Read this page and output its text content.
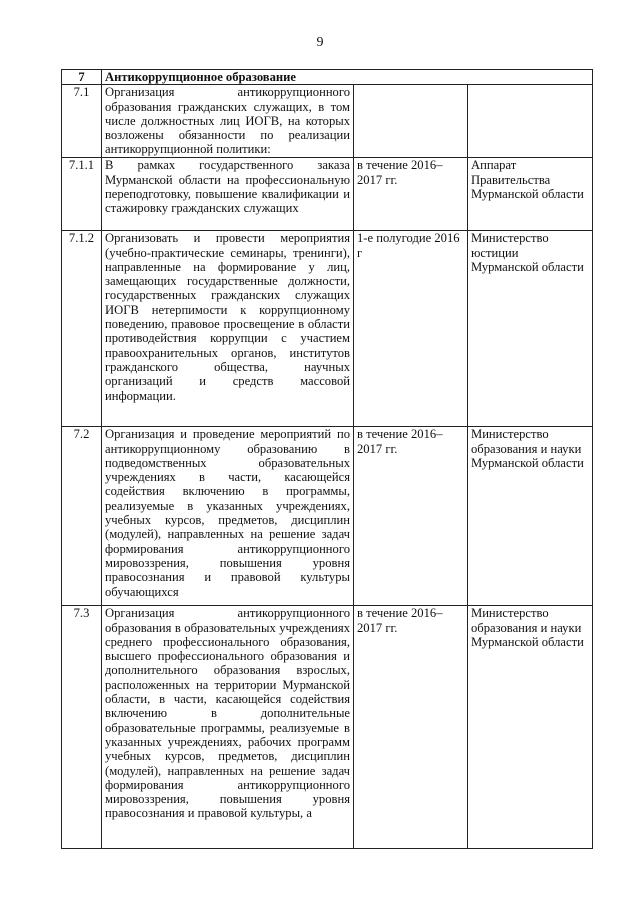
9
7	Антикоррупционное образование		
7.1	Организация антикоррупционного образования гражданских служащих, в том числе должностных лиц ИОГВ, на которых возложены обязанности по реализации антикоррупционной политики:		
7.1.1	В рамках государственного заказа Мурманской области на профессиональную переподготовку, повышение квалификации и стажировку гражданских служащих	в течение 2016–2017 гг.	Аппарат Правительства Мурманской области
7.1.2	Организовать и провести мероприятия (учебно-практические семинары, тренинги), направленные на формирование у лиц, замещающих государственные должности, государственных гражданских служащих ИОГВ нетерпимости к коррупционному поведению, правовое просвещение в области противодействия коррупции с участием правоохранительных органов, институтов гражданского общества, научных организаций и средств массовой информации.	1-е полугодие 2016 г	Министерство юстиции Мурманской области
7.2	Организация и проведение мероприятий по антикоррупционному образованию в подведомственных образовательных учреждениях в части, касающейся содействия включению в программы, реализуемые в указанных учреждениях, учебных курсов, предметов, дисциплин (модулей), направленных на решение задач формирования антикоррупционного мировоззрения, повышения уровня правосознания и правовой культуры обучающихся	в течение 2016–2017 гг.	Министерство образования и науки Мурманской области
7.3	Организация антикоррупционного образования в образовательных учреждениях среднего профессионального образования, высшего профессионального образования и дополнительного образования взрослых, расположенных на территории Мурманской области, в части, касающейся содействия включению в дополнительные образовательные программы, реализуемые в указанных учреждениях, рабочих программ учебных курсов, предметов, дисциплин (модулей), направленных на решение задач формирования антикоррупционного мировоззрения, повышения уровня правосознания и правовой культуры, а	в течение 2016–2017 гг.	Министерство образования и науки Мурманской области
